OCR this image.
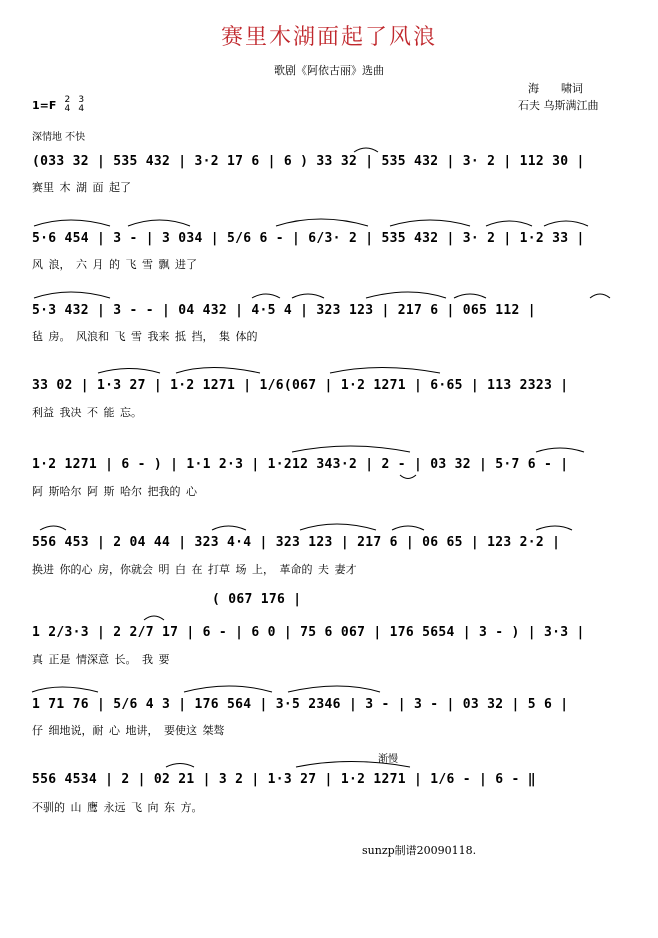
赛里木湖面起了风浪
歌剧《阿依古丽》选曲
海　　啸词
石夫 乌斯满江曲
1=F 2
4

3
4
深情地 不快
(033 32 | 535 432 | 3·2 17 6 | 6 ) 33 32 | 535 432 | 3· 2 | 112 30 |
赛里 木 湖 面 起了
5·6 454 | 3 - | 3 034 | 5/6 6 - | 6/3· 2 | 535 432 | 3· 2 | 1·2 33 |
风 浪， 六 月 的 飞 雪 飘 进了
5·3 432 | 3 - - | 04 432 | 4·5 4 | 323 123 | 217 6 | 065 112 |
毡 房。 风浪和 飞 雪 我来 抵 挡， 集 体的
33 02 | 1·3 27 | 1·2 1271 | 1/6(067 | 1·2 1271 | 6·65 | 113 2323 |
利益 我决 不 能 忘。
1·2 1271 | 6 - ) | 1·1 2·3 | 1·212 343·2 | 2 - | 03 32 | 5·7 6 - |
阿 斯哈尔 阿 斯 哈尔 把我的 心
556 453 | 2 04 44 | 323 4·4 | 323 123 | 217 6 | 06 65 | 123 2·2 |
换进 你的心 房，你就会 明 白 在 打草 场 上， 革命的 夫 妻才
( 067 176 |
1 2/3·3 | 2 2/7 17 | 6 - | 6 0 | 75 6 067 | 176 5654 | 3 - ) | 3·3 |
真 正是 情深意 长。 我 要
1 71 76 | 5/6 4 3 | 176 564 | 3·5 2346 | 3 - | 3 - | 03 32 | 5 6 |
仔 细地说，耐 心 地讲， 要使这 桀骜
渐慢
556 4534 | 2 | 02 21 | 3 2 | 1·3 27 | 1·2 1271 | 1/6 - | 6 - ‖
不驯的 山 鹰 永远 飞 向 东 方。
sunzp制谱20090118.
